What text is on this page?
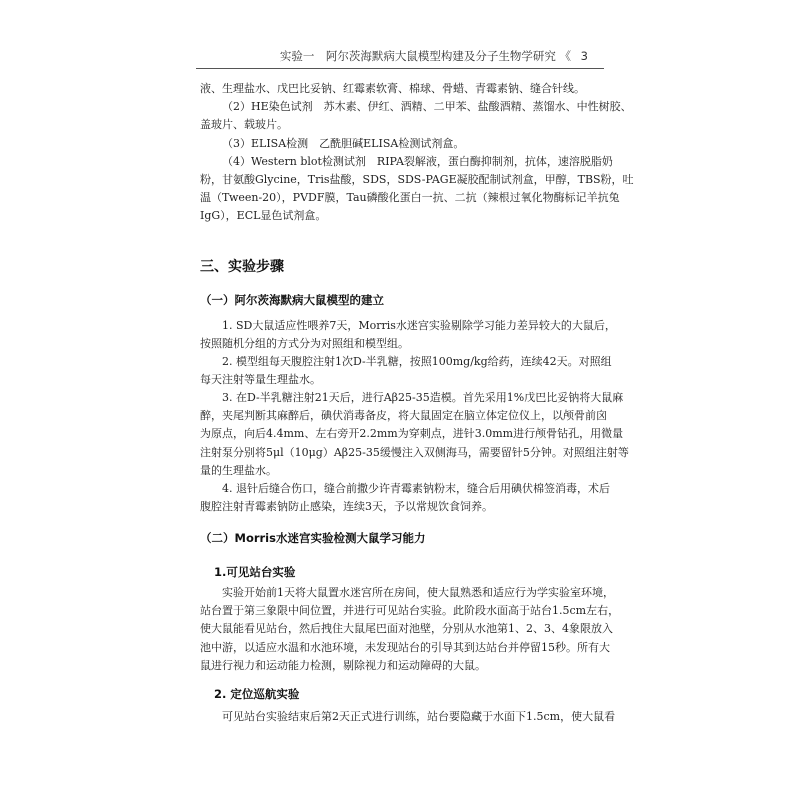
实验一　阿尔茨海默病大鼠模型构建及分子生物学研究 《 3
液、生理盐水、戊巴比妥钠、红霉素软膏、棉球、骨蜡、青霉素钠、缝合针线。
（2）HE染色试剂　苏木素、伊红、酒精、二甲苯、盐酸酒精、蒸馏水、中性树胶、
盖玻片、载玻片。
（3）ELISA检测　乙酰胆碱ELISA检测试剂盒。
（4）Western blot检测试剂　RIPA裂解液，蛋白酶抑制剂，抗体，速溶脱脂奶
粉，甘氨酸Glycine，Tris盐酸，SDS，SDS-PAGE凝胶配制试剂盒，甲醇，TBS粉，吐
温（Tween-20），PVDF膜，Tau磷酸化蛋白一抗、二抗（辣根过氧化物酶标记羊抗兔
IgG），ECL显色试剂盒。
三、实验步骤
（一）阿尔茨海默病大鼠模型的建立
1. SD大鼠适应性喂养7天，Morris水迷宫实验剔除学习能力差异较大的大鼠后，
按照随机分组的方式分为对照组和模型组。
2. 模型组每天腹腔注射1次D-半乳糖，按照100mg/kg给药，连续42天。对照组
每天注射等量生理盐水。
3. 在D-半乳糖注射21天后，进行Aβ25-35造模。首先采用1%戊巴比妥钠将大鼠麻
醉，夹尾判断其麻醉后，碘伏消毒备皮，将大鼠固定在脑立体定位仪上，以颅骨前囟
为原点，向后4.4mm、左右旁开2.2mm为穿刺点，进针3.0mm进行颅骨钻孔，用微量
注射泵分别将5μl（10μg）Aβ25-35缓慢注入双侧海马，需要留针5分钟。对照组注射等
量的生理盐水。
4. 退针后缝合伤口，缝合前撒少许青霉素钠粉末，缝合后用碘伏棉签消毒，术后
腹腔注射青霉素钠防止感染，连续3天，予以常规饮食饲养。
（二）Morris水迷宫实验检测大鼠学习能力
1.可见站台实验
实验开始前1天将大鼠置水迷宫所在房间，使大鼠熟悉和适应行为学实验室环境，
站台置于第三象限中间位置，并进行可见站台实验。此阶段水面高于站台1.5cm左右，
使大鼠能看见站台，然后拽住大鼠尾巴面对池壁，分别从水池第1、2、3、4象限放入
池中游，以适应水温和水池环境，未发现站台的引导其到达站台并停留15秒。所有大
鼠进行视力和运动能力检测，剔除视力和运动障碍的大鼠。
2. 定位巡航实验
可见站台实验结束后第2天正式进行训练，站台要隐藏于水面下1.5cm，使大鼠看
